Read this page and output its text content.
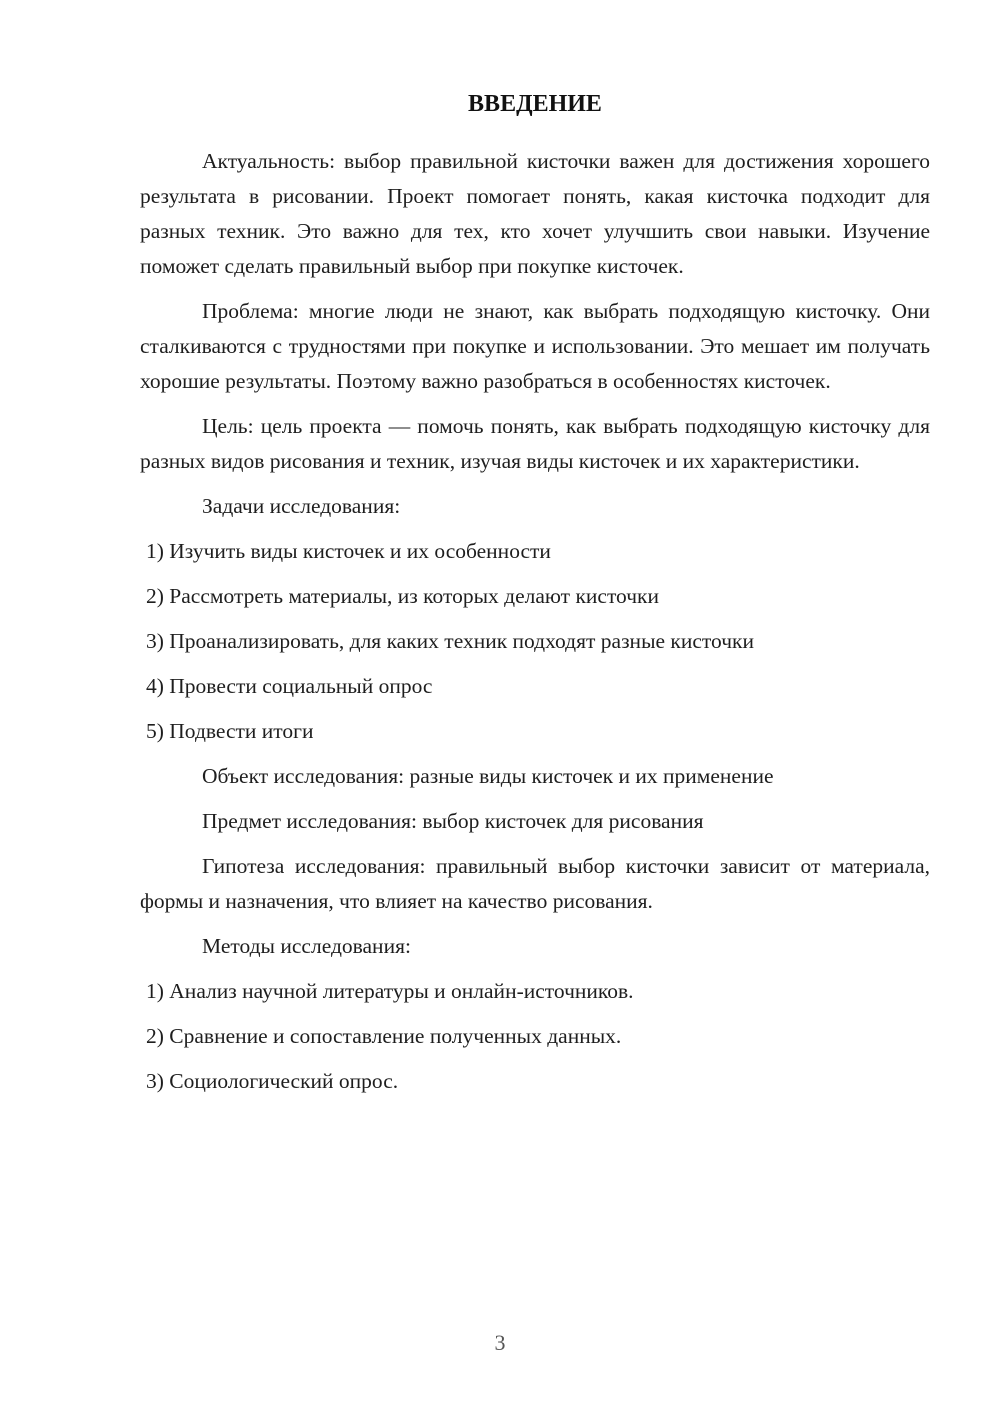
ВВЕДЕНИЕ

Актуальность: выбор правильной кисточки важен для достижения хорошего результата в рисовании. Проект помогает понять, какая кисточка подходит для разных техник. Это важно для тех, кто хочет улучшить свои навыки. Изучение поможет сделать правильный выбор при покупке кисточек.

Проблема: многие люди не знают, как выбрать подходящую кисточку. Они сталкиваются с трудностями при покупке и использовании. Это мешает им получать хорошие результаты. Поэтому важно разобраться в особенностях кисточек.

Цель: цель проекта — помочь понять, как выбрать подходящую кисточку для разных видов рисования и техник, изучая виды кисточек и их характеристики.

Задачи исследования:

1) Изучить виды кисточек и их особенности

2) Рассмотреть материалы, из которых делают кисточки

3) Проанализировать, для каких техник подходят разные кисточки

4) Провести социальный опрос

5) Подвести итоги

Объект исследования: разные виды кисточек и их применение

Предмет исследования: выбор кисточек для рисования

Гипотеза исследования: правильный выбор кисточки зависит от материала, формы и назначения, что влияет на качество рисования.

Методы исследования:

1) Анализ научной литературы и онлайн-источников.

2) Сравнение и сопоставление полученных данных.

3) Социологический опрос.

3
